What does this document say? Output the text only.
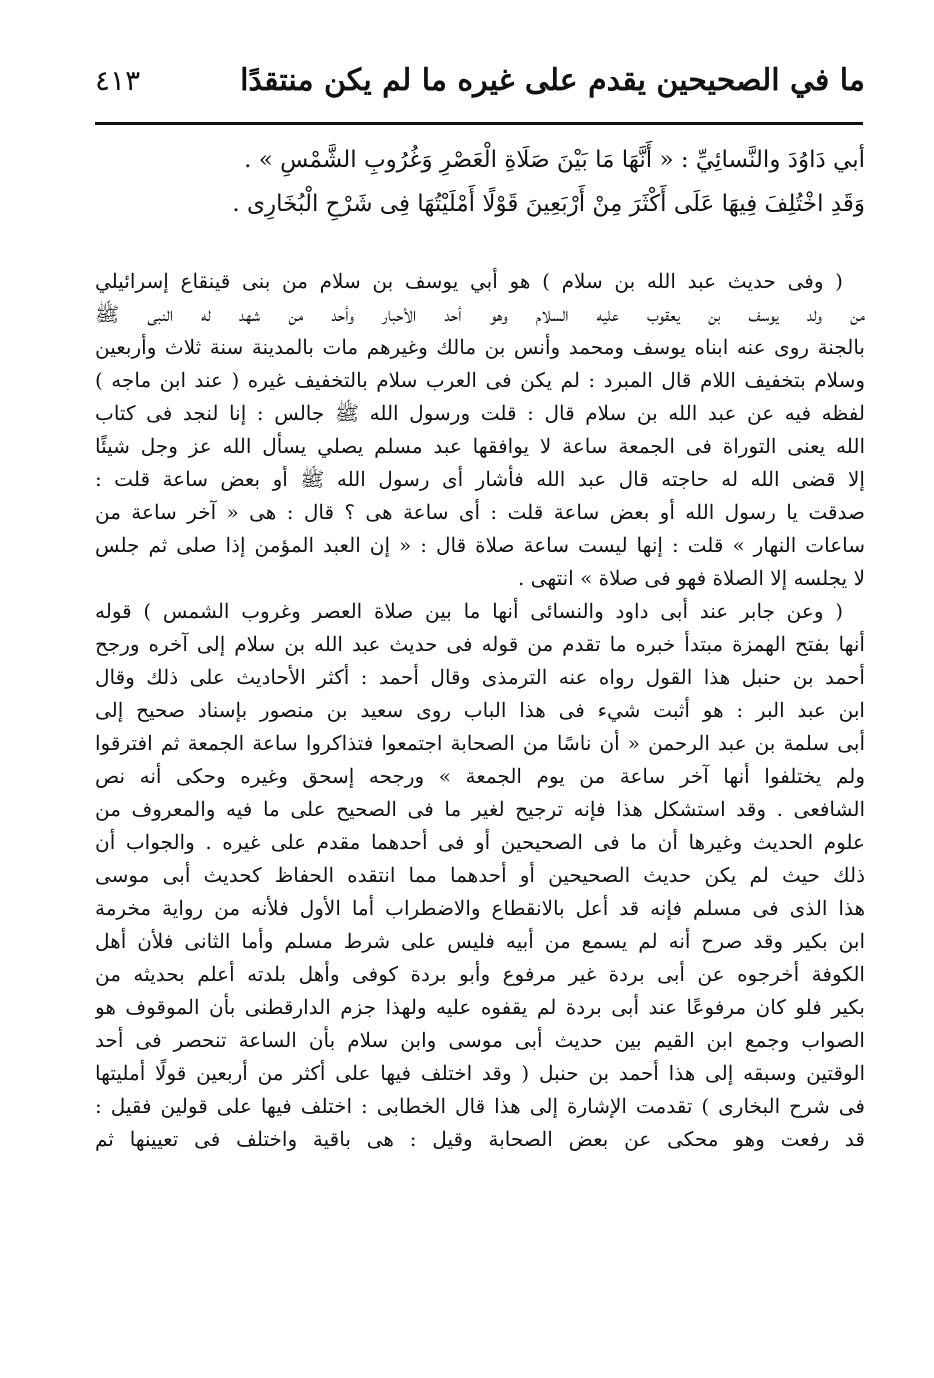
ما في الصحيحين يقدم على غيره ما لم يكن منتقدًا
٤١٣
أبي دَاوُدَ والنَّسائِيِّ : « أَنَّهَا مَا بَيْنَ صَلَاةِ الْعَصْرِ وَغُرُوبِ الشَّمْسِ » .
وَقَدِ اخْتُلِفَ فِيهَا عَلَى أَكْثَرَ مِنْ أَرْبَعِينَ قَوْلًا أَمْلَيْتُهَا فِى شَرْحِ الْبُخَارِى .
( وفى حديث عبد الله بن سلام ) هو أبي يوسف بن سلام من بنى قينقاع إسرائيلي
من ولد يوسف بن يعقوب عليه السلام وهو أحد الأحبار وأحد من شهد له النبى ﷺ
بالجنة روى عنه ابناه يوسف ومحمد وأنس بن مالك وغيرهم مات بالمدينة سنة ثلاث وأربعين
وسلام بتخفيف اللام قال المبرد : لم يكن فى العرب سلام بالتخفيف غيره ( عند ابن ماجه )
لفظه فيه عن عبد الله بن سلام قال : قلت ورسول الله ﷺ جالس : إنا لنجد فى كتاب
الله يعنى التوراة فى الجمعة ساعة لا يوافقها عبد مسلم يصلي يسأل الله عز وجل شيئًا
إلا قضى الله له حاجته قال عبد الله فأشار أى رسول الله ﷺ أو بعض ساعة قلت :
صدقت يا رسول الله أو بعض ساعة قلت : أى ساعة هى ؟ قال : هى « آخر ساعة من
ساعات النهار » قلت : إنها ليست ساعة صلاة قال : « إن العبد المؤمن إذا صلى ثم جلس
لا يجلسه إلا الصلاة فهو فى صلاة » انتهى .
( وعن جابر عند أبى داود والنسائى أنها ما بين صلاة العصر وغروب الشمس ) قوله
أنها بفتح الهمزة مبتدأ خبره ما تقدم من قوله فى حديث عبد الله بن سلام إلى آخره ورجح
أحمد بن حنبل هذا القول رواه عنه الترمذى وقال أحمد : أكثر الأحاديث على ذلك وقال
ابن عبد البر : هو أثبت شيء فى هذا الباب روى سعيد بن منصور بإسناد صحيح إلى
أبى سلمة بن عبد الرحمن « أن ناسًا من الصحابة اجتمعوا فتذاكروا ساعة الجمعة ثم افترقوا
ولم يختلفوا أنها آخر ساعة من يوم الجمعة » ورجحه إسحق وغيره وحكى أنه نص
الشافعى . وقد استشكل هذا فإنه ترجيح لغير ما فى الصحيح على ما فيه والمعروف من
علوم الحديث وغيرها أن ما فى الصحيحين أو فى أحدهما مقدم على غيره . والجواب أن
ذلك حيث لم يكن حديث الصحيحين أو أحدهما مما انتقده الحفاظ كحديث أبى موسى
هذا الذى فى مسلم فإنه قد أعل بالانقطاع والاضطراب أما الأول فلأنه من رواية مخرمة
ابن بكير وقد صرح أنه لم يسمع من أبيه فليس على شرط مسلم وأما الثانى فلأن أهل
الكوفة أخرجوه عن أبى بردة غير مرفوع وأبو بردة كوفى وأهل بلدته أعلم بحديثه من
بكير فلو كان مرفوعًا عند أبى بردة لم يقفوه عليه ولهذا جزم الدارقطنى بأن الموقوف هو
الصواب وجمع ابن القيم بين حديث أبى موسى وابن سلام بأن الساعة تنحصر فى أحد
الوقتين وسبقه إلى هذا أحمد بن حنبل ( وقد اختلف فيها على أكثر من أربعين قولًا أمليتها
فى شرح البخارى ) تقدمت الإشارة إلى هذا قال الخطابى : اختلف فيها على قولين فقيل :
قد رفعت وهو محكى عن بعض الصحابة وقيل : هى باقية واختلف فى تعيينها ثم
